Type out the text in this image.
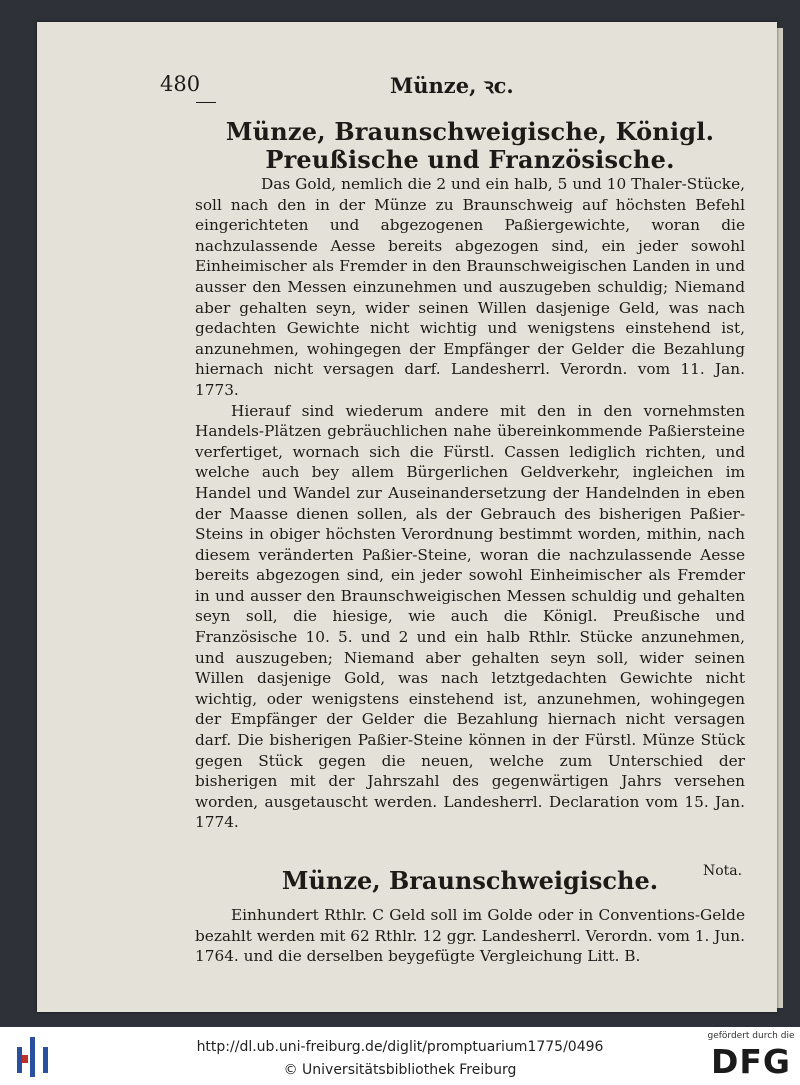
480	Münze, ꝛc.
Münze, Braunschweigische, Königl. Preußische und Französische.

Das Gold, nemlich die 2 und ein halb, 5 und 10 Thaler-Stücke, soll nach den in der Münze zu Braunschweig auf höchsten Befehl eingerichteten und abgezogenen Paßiergewichte, woran die nachzulassende Aesse bereits abgezogen sind, ein jeder sowohl Einheimischer als Fremder in den Braunschweigischen Landen in und ausser den Messen einzunehmen und auszugeben schuldig; Niemand aber gehalten seyn, wider seinen Willen dasjenige Geld, was nach gedachten Gewichte nicht wichtig und wenigstens einstehend ist, anzunehmen, wohingegen der Empfänger der Gelder die Bezahlung hiernach nicht versagen darf. Landesherrl. Verordn. vom 11. Jan. 1773.

Hierauf sind wiederum andere mit den in den vornehmsten Handels-Plätzen gebräuchlichen nahe übereinkommende Paßiersteine verfertiget, wornach sich die Fürstl. Cassen lediglich richten, und welche auch bey allem Bürgerlichen Geldverkehr, ingleichen im Handel und Wandel zur Auseinandersetzung der Handelnden in eben der Maasse dienen sollen, als der Gebrauch des bisherigen Paßier-Steins in obiger höchsten Verordnung bestimmt worden, mithin, nach diesem veränderten Paßier-Steine, woran die nachzulassende Aesse bereits abgezogen sind, ein jeder sowohl Einheimischer als Fremder in und ausser den Braunschweigischen Messen schuldig und gehalten seyn soll, die hiesige, wie auch die Königl. Preußische und Französische 10. 5. und 2 und ein halb Rthlr. Stücke anzunehmen, und auszugeben; Niemand aber gehalten seyn soll, wider seinen Willen dasjenige Gold, was nach letztgedachten Gewichte nicht wichtig, oder wenigstens einstehend ist, anzunehmen, wohingegen der Empfänger der Gelder die Bezahlung hiernach nicht versagen darf. Die bisherigen Paßier-Steine können in der Fürstl. Münze Stück gegen Stück gegen die neuen, welche zum Unterschied der bisherigen mit der Jahrszahl des gegenwärtigen Jahrs versehen worden, ausgetauscht werden. Landesherrl. Declaration vom 15. Jan. 1774.

Münze, Braunschweigische.

Einhundert Rthlr. C Geld soll im Golde oder in Conventions-Gelde bezahlt werden mit 62 Rthlr. 12 ggr. Landesherrl. Verordn. vom 1. Jun. 1764. und die derselben beygefügte Vergleichung Litt. B.

Nota.
http://dl.ub.uni-freiburg.de/diglit/promptuarium1775/0496
© Universitätsbibliothek Freiburg
gefördert durch die
DFG
